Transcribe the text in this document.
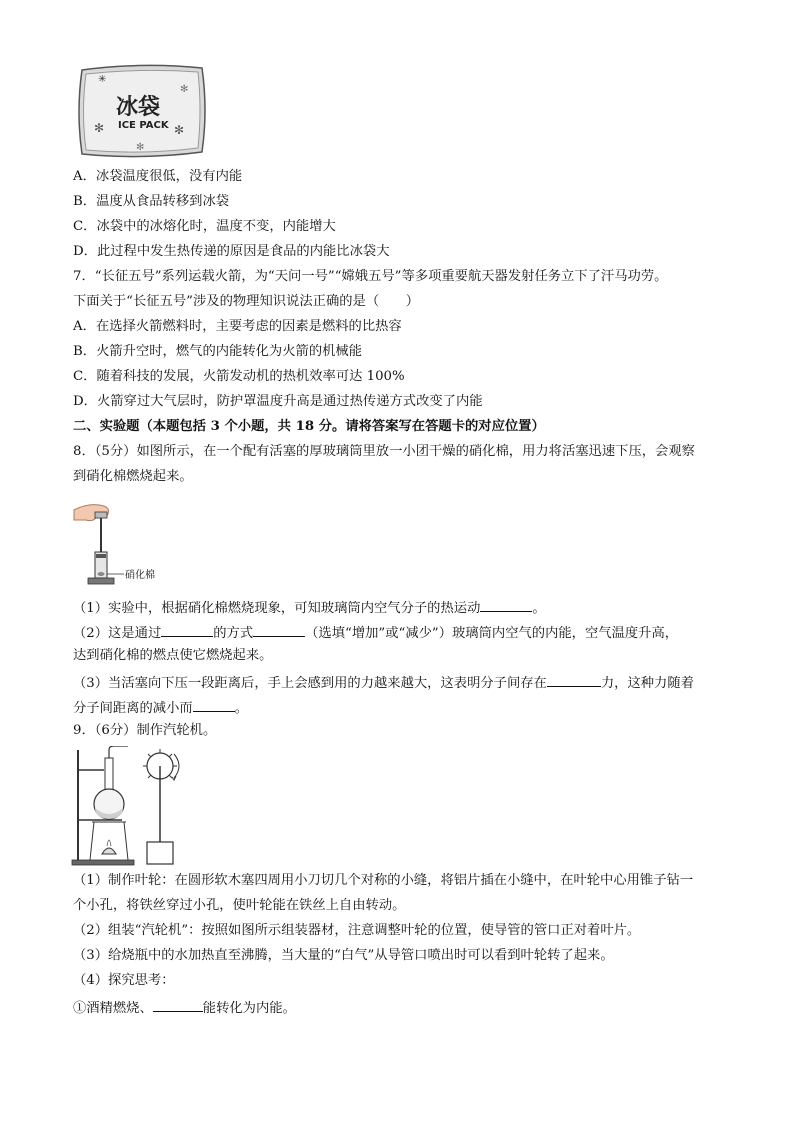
✳
冰袋
ICE PACK
✻	✻
✻
✻
A．冰袋温度很低，没有内能
B．温度从食品转移到冰袋
C．冰袋中的冰熔化时，温度不变，内能增大
D．此过程中发生热传递的原因是食品的内能比冰袋大
7．“长征五号”系列运载火箭，为“天问一号”“嫦娥五号”等多项重要航天器发射任务立下了汗马功劳。
下面关于“长征五号”涉及的物理知识说法正确的是（　　）
A．在选择火箭燃料时，主要考虑的因素是燃料的比热容
B．火箭升空时，燃气的内能转化为火箭的机械能
C．随着科技的发展，火箭发动机的热机效率可达 100%
D．火箭穿过大气层时，防护罩温度升高是通过热传递方式改变了内能
二、实验题（本题包括 3 个小题，共 18 分。请将答案写在答题卡的对应位置）
8．（5分）如图所示，在一个配有活塞的厚玻璃筒里放一小团干燥的硝化棉，用力将活塞迅速下压，会观察
到硝化棉燃烧起来。
硝化棉
（1）实验中，根据硝化棉燃烧现象，可知玻璃筒内空气分子的热运动	。
（2）这是通过	的方式	（选填“增加”或“减少”）玻璃筒内空气的内能，空气温度升高，
达到硝化棉的燃点使它燃烧起来。
（3）当活塞向下压一段距离后，手上会感到用的力越来越大，这表明分子间存在	力，这种力随着
分子间距离的减小而	。
9．（6分）制作汽轮机。
（1）制作叶轮：在圆形软木塞四周用小刀切几个对称的小缝，将铝片插在小缝中，在叶轮中心用锥子钻一
个小孔，将铁丝穿过小孔，使叶轮能在铁丝上自由转动。
（2）组装“汽轮机”：按照如图所示组装器材，注意调整叶轮的位置，使导管的管口正对着叶片。
（3）给烧瓶中的水加热直至沸腾，当大量的“白气”从导管口喷出时可以看到叶轮转了起来。
（4）探究思考：
①酒精燃烧、	能转化为内能。
